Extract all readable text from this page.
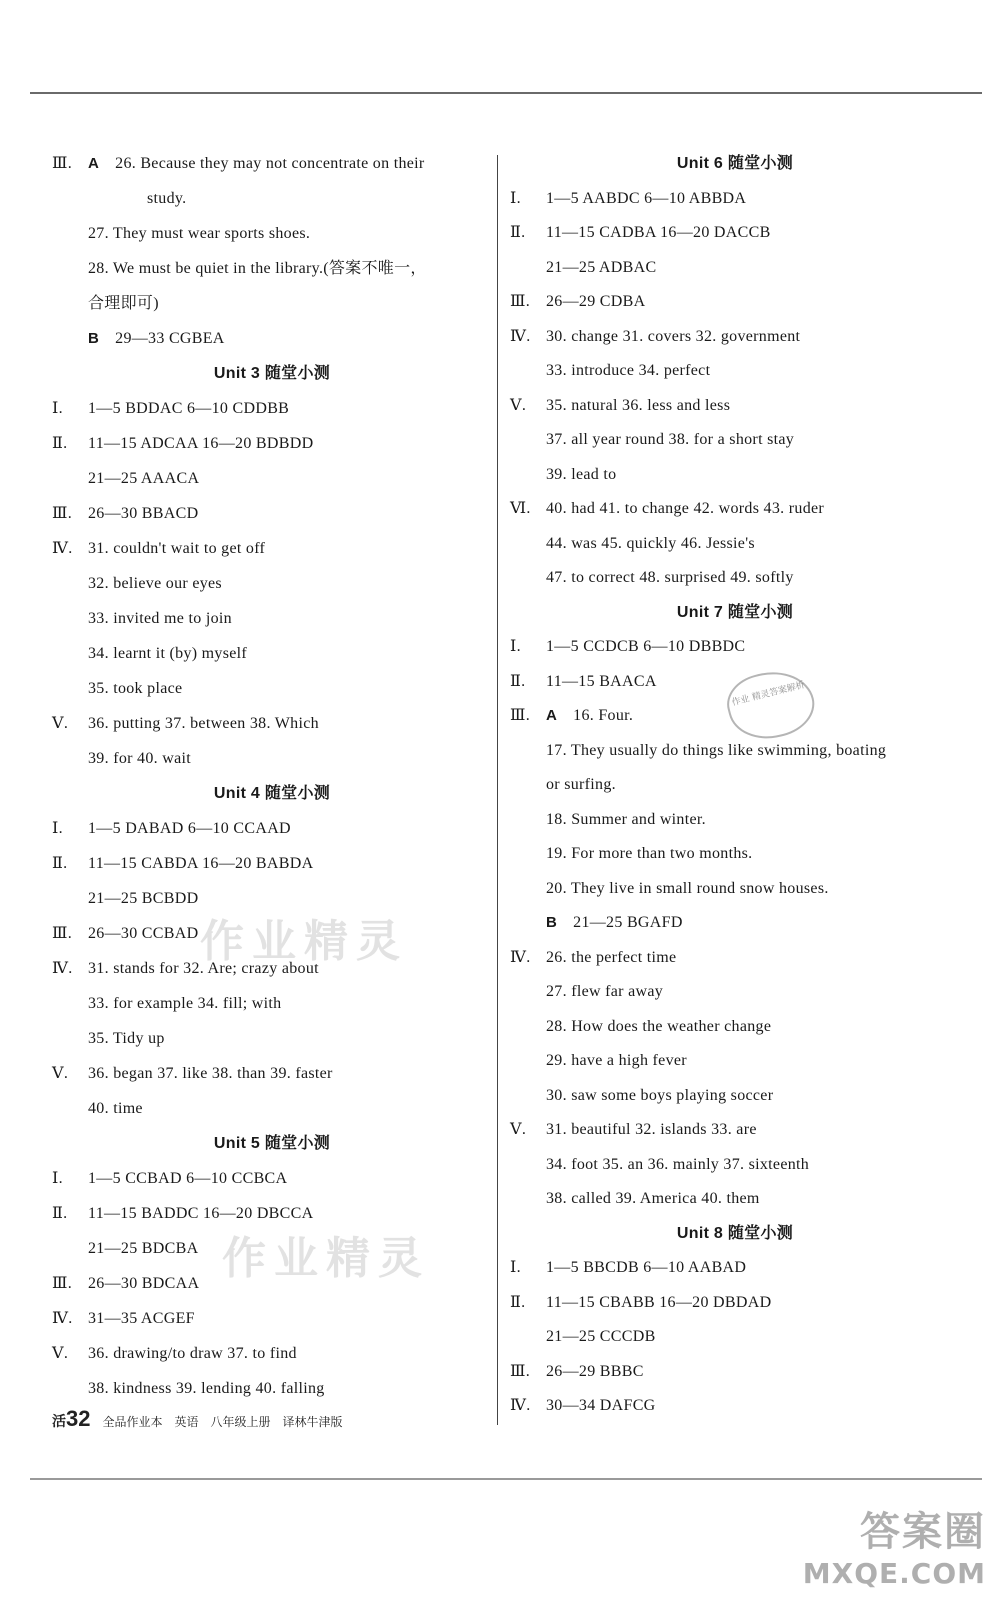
Ⅲ. A 26. Because they may not concentrate on their
study.
27. They must wear sports shoes.
28. We must be quiet in the library.(答案不唯一，
合理即可)
B 29—33 CGBEA
Unit 3 随堂小测
Ⅰ. 1—5 BDDAC 6—10 CDDBB
Ⅱ. 11—15 ADCAA 16—20 BDBDD
21—25 AAACA
Ⅲ. 26—30 BBACD
Ⅳ. 31. couldn't wait to get off
32. believe our eyes
33. invited me to join
34. learnt it (by) myself
35. took place
Ⅴ. 36. putting 37. between 38. Which
39. for 40. wait
Unit 4 随堂小测
Ⅰ. 1—5 DABAD 6—10 CCAAD
Ⅱ. 11—15 CABDA 16—20 BABDA
21—25 BCBDD
Ⅲ. 26—30 CCBAD
Ⅳ. 31. stands for 32. Are; crazy about
33. for example 34. fill; with
35. Tidy up
Ⅴ. 36. began 37. like 38. than 39. faster
40. time
Unit 5 随堂小测
Ⅰ. 1—5 CCBAD 6—10 CCBCA
Ⅱ. 11—15 BADDC 16—20 DBCCA
21—25 BDCBA
Ⅲ. 26—30 BDCAA
Ⅳ. 31—35 ACGEF
Ⅴ. 36. drawing/to draw 37. to find
38. kindness 39. lending 40. falling
Unit 6 随堂小测
Ⅰ. 1—5 AABDC 6—10 ABBDA
Ⅱ. 11—15 CADBA 16—20 DACCB
21—25 ADBAC
Ⅲ. 26—29 CDBA
Ⅳ. 30. change 31. covers 32. government
33. introduce 34. perfect
Ⅴ. 35. natural 36. less and less
37. all year round 38. for a short stay
39. lead to
Ⅵ. 40. had 41. to change 42. words 43. ruder
44. was 45. quickly 46. Jessie's
47. to correct 48. surprised 49. softly
Unit 7 随堂小测
Ⅰ. 1—5 CCDCB 6—10 DBBDC
Ⅱ. 11—15 BAACA
Ⅲ. A 16. Four.
17. They usually do things like swimming, boating
or surfing.
18. Summer and winter.
19. For more than two months.
20. They live in small round snow houses.
B 21—25 BGAFD
Ⅳ. 26. the perfect time
27. flew far away
28. How does the weather change
29. have a high fever
30. saw some boys playing soccer
Ⅴ. 31. beautiful 32. islands 33. are
34. foot 35. an 36. mainly 37. sixteenth
38. called 39. America 40. them
Unit 8 随堂小测
Ⅰ. 1—5 BBCDB 6—10 AABAD
Ⅱ. 11—15 CBABB 16—20 DBDAD
21—25 CCCDB
Ⅲ. 26—29 BBBC
Ⅳ. 30—34 DAFCG
作业精灵
作业精灵
作业 精灵答案解析
活 32 全品作业本 英语 八年级上册 译林牛津版
答案圈
MXQE.COM
